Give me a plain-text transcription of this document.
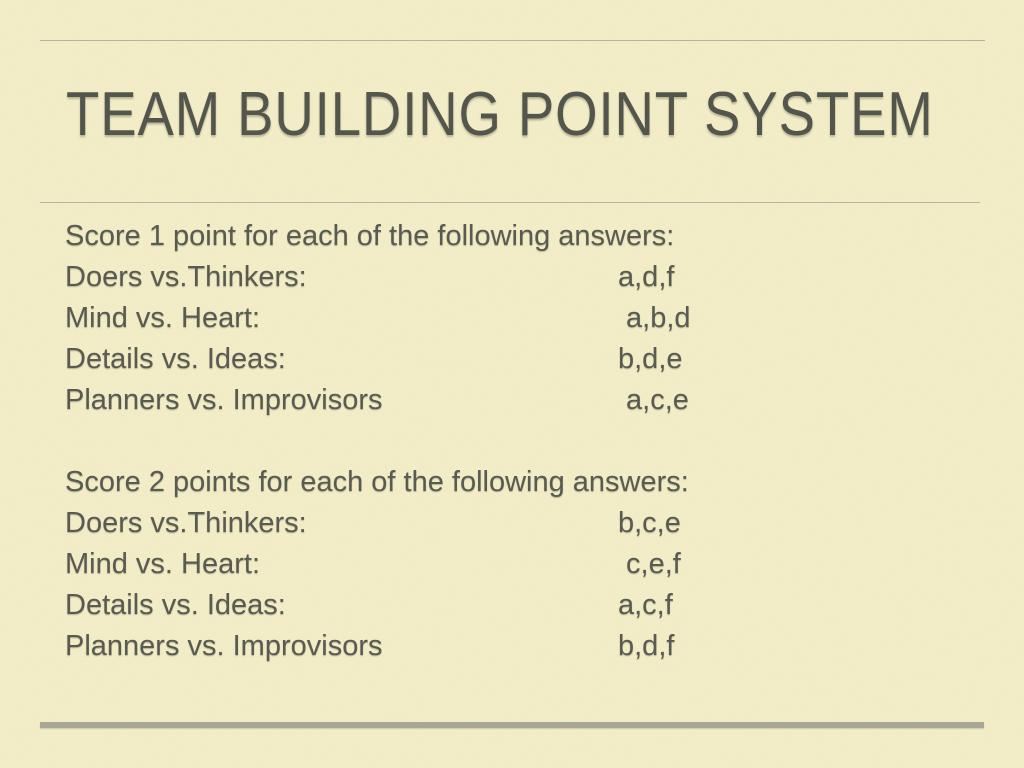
TEAM BUILDING POINT SYSTEM
Score 1 point for each of the following answers:
Doers vs.Thinkers:	a,d,f
Mind vs. Heart:	a,b,d
Details vs. Ideas:	b,d,e
Planners vs. Improvisors	a,c,e
Score 2 points for each of the following answers:
Doers vs.Thinkers:	b,c,e
Mind vs. Heart:	c,e,f
Details vs. Ideas:	a,c,f
Planners vs. Improvisors	b,d,f
